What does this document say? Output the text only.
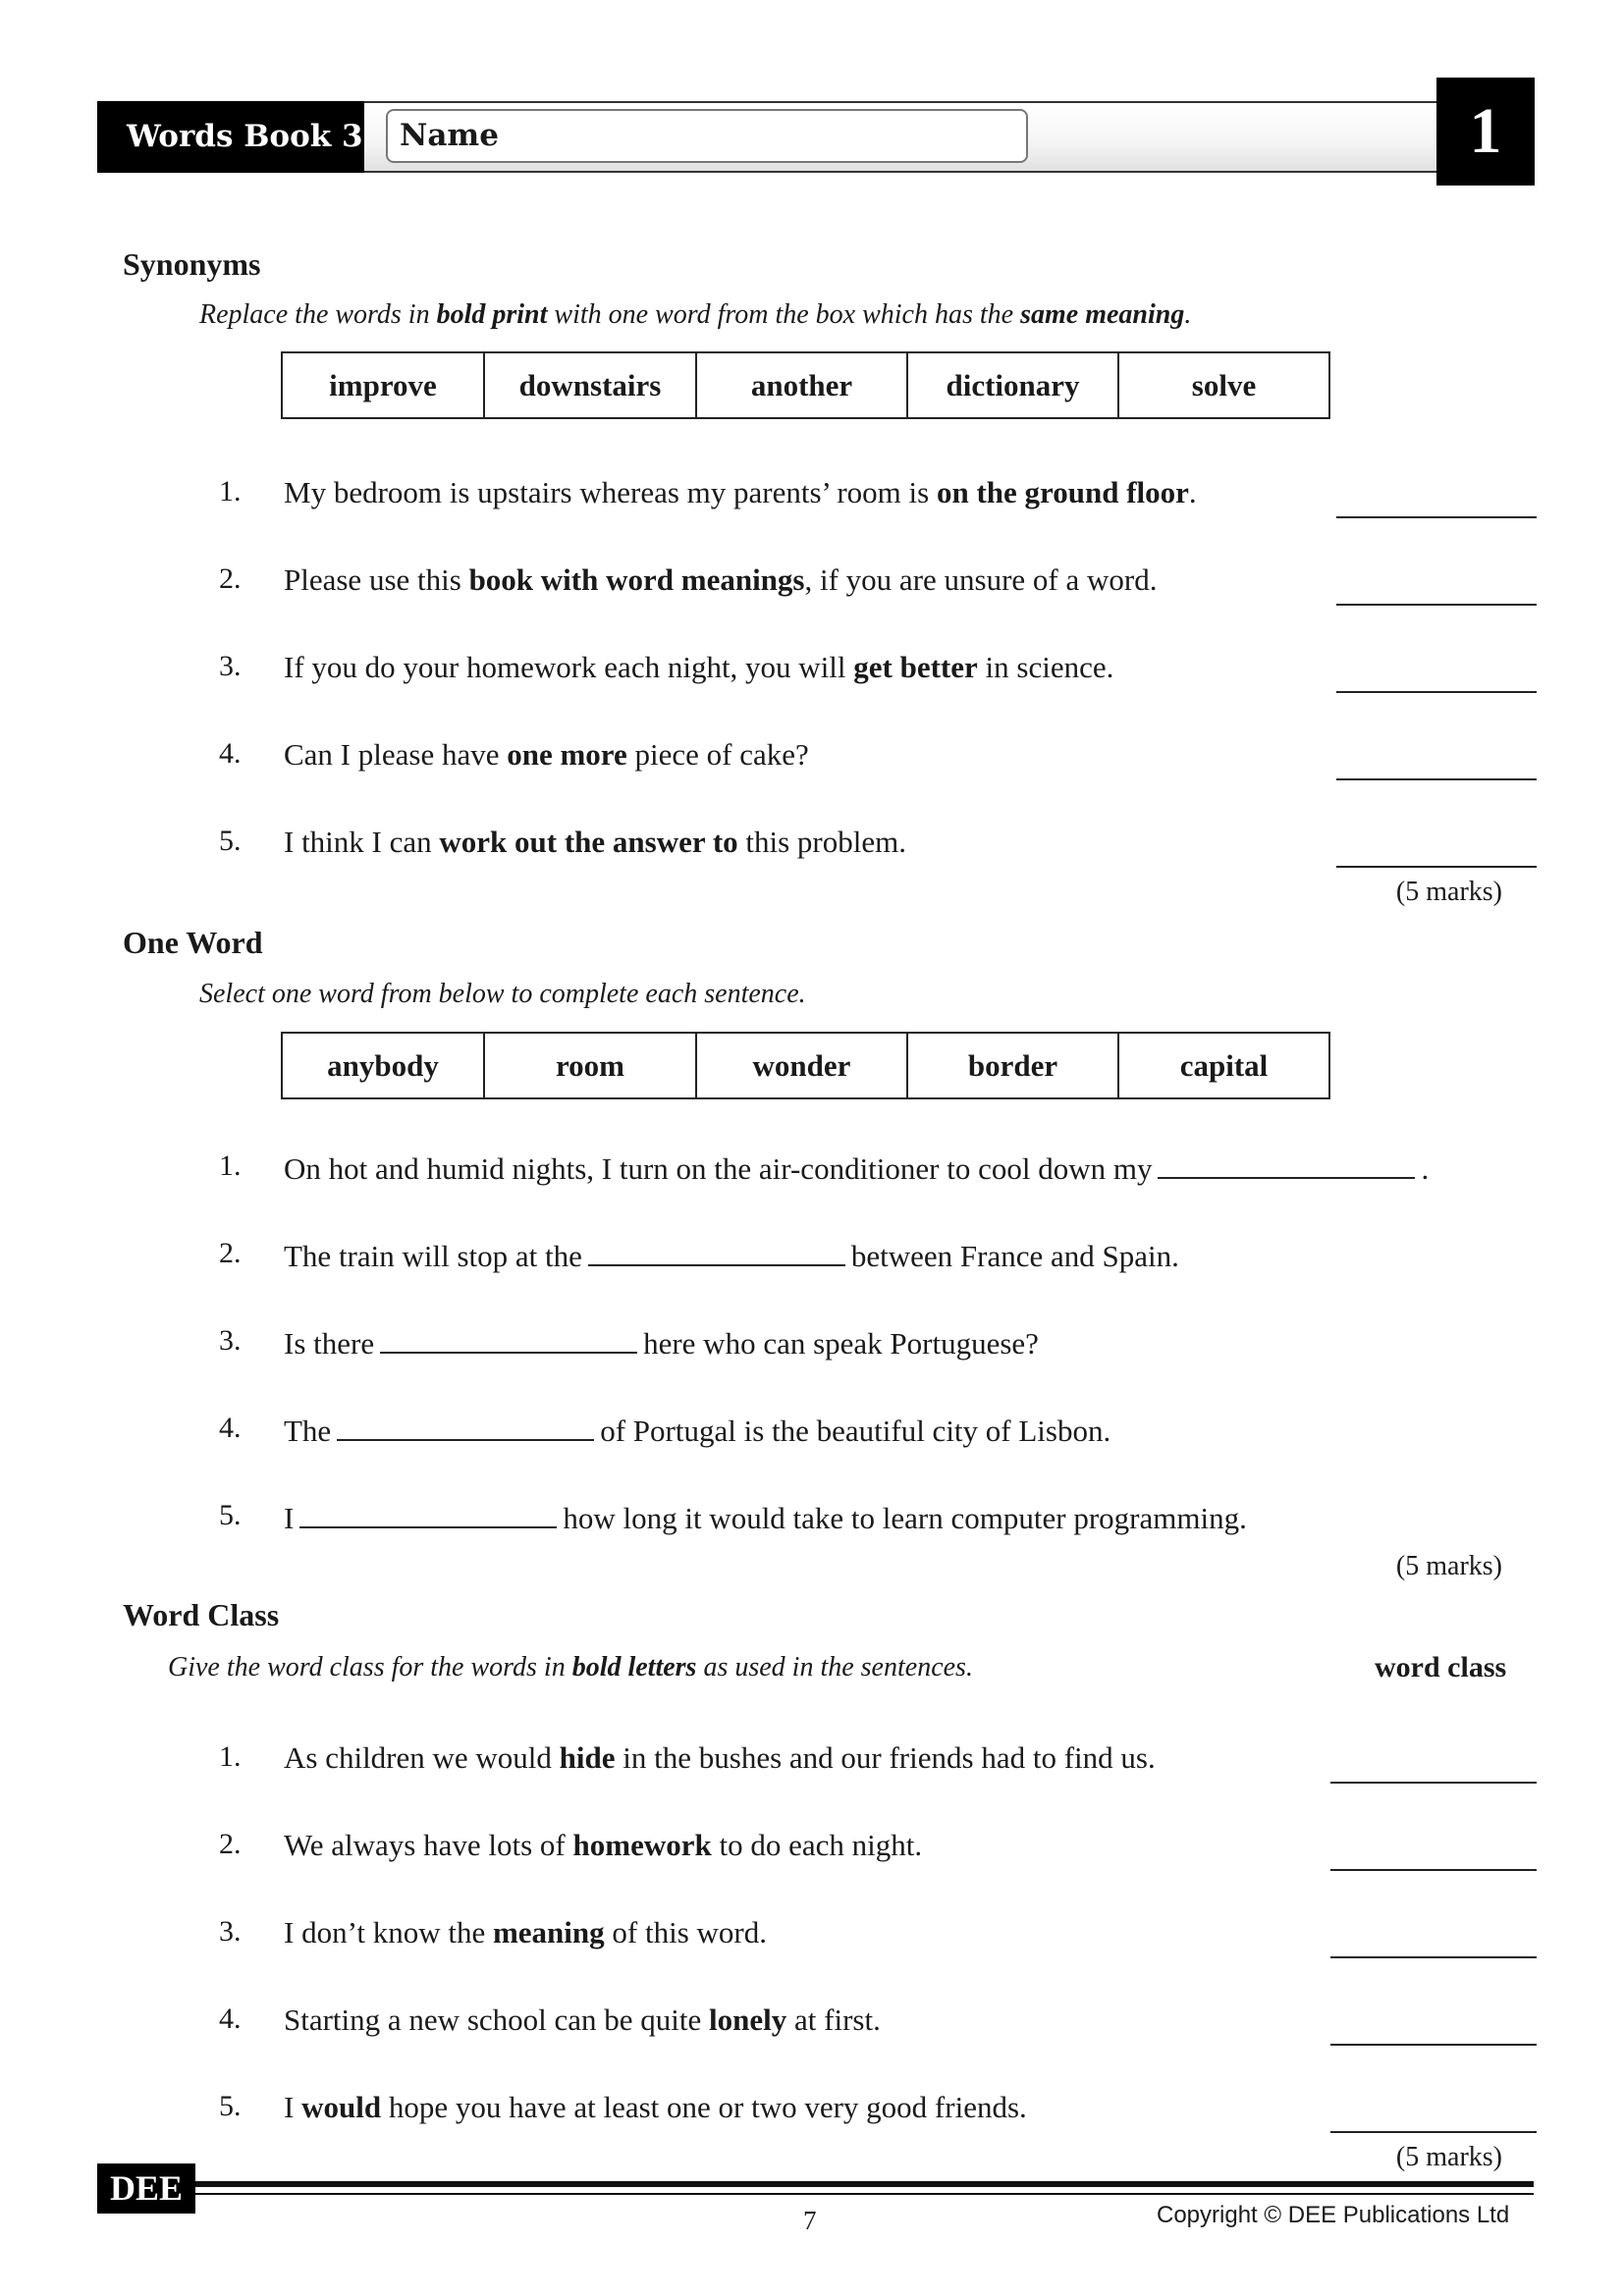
Words Book 3	Name	1
Synonyms
Replace the words in bold print with one word from the box which has the same meaning.
improve	downstairs	another	dictionary	solve
1. My bedroom is upstairs whereas my parents’ room is on the ground floor.
2. Please use this book with word meanings, if you are unsure of a word.
3. If you do your homework each night, you will get better in science.
4. Can I please have one more piece of cake?
5. I think I can work out the answer to this problem.
(5 marks)
One Word
Select one word from below to complete each sentence.
anybody	room	wonder	border	capital
1. On hot and humid nights, I turn on the air-conditioner to cool down my	.
2. The train will stop at the	between France and Spain.
3. Is there	here who can speak Portuguese?
4. The	of Portugal is the beautiful city of Lisbon.
5. I	how long it would take to learn computer programming.
(5 marks)
Word Class
Give the word class for the words in bold letters as used in the sentences.	word class
1. As children we would hide in the bushes and our friends had to find us.
2. We always have lots of homework to do each night.
3. I don’t know the meaning of this word.
4. Starting a new school can be quite lonely at first.
5. I would hope you have at least one or two very good friends.
(5 marks)
DEE
7	Copyright © DEE Publications Ltd
